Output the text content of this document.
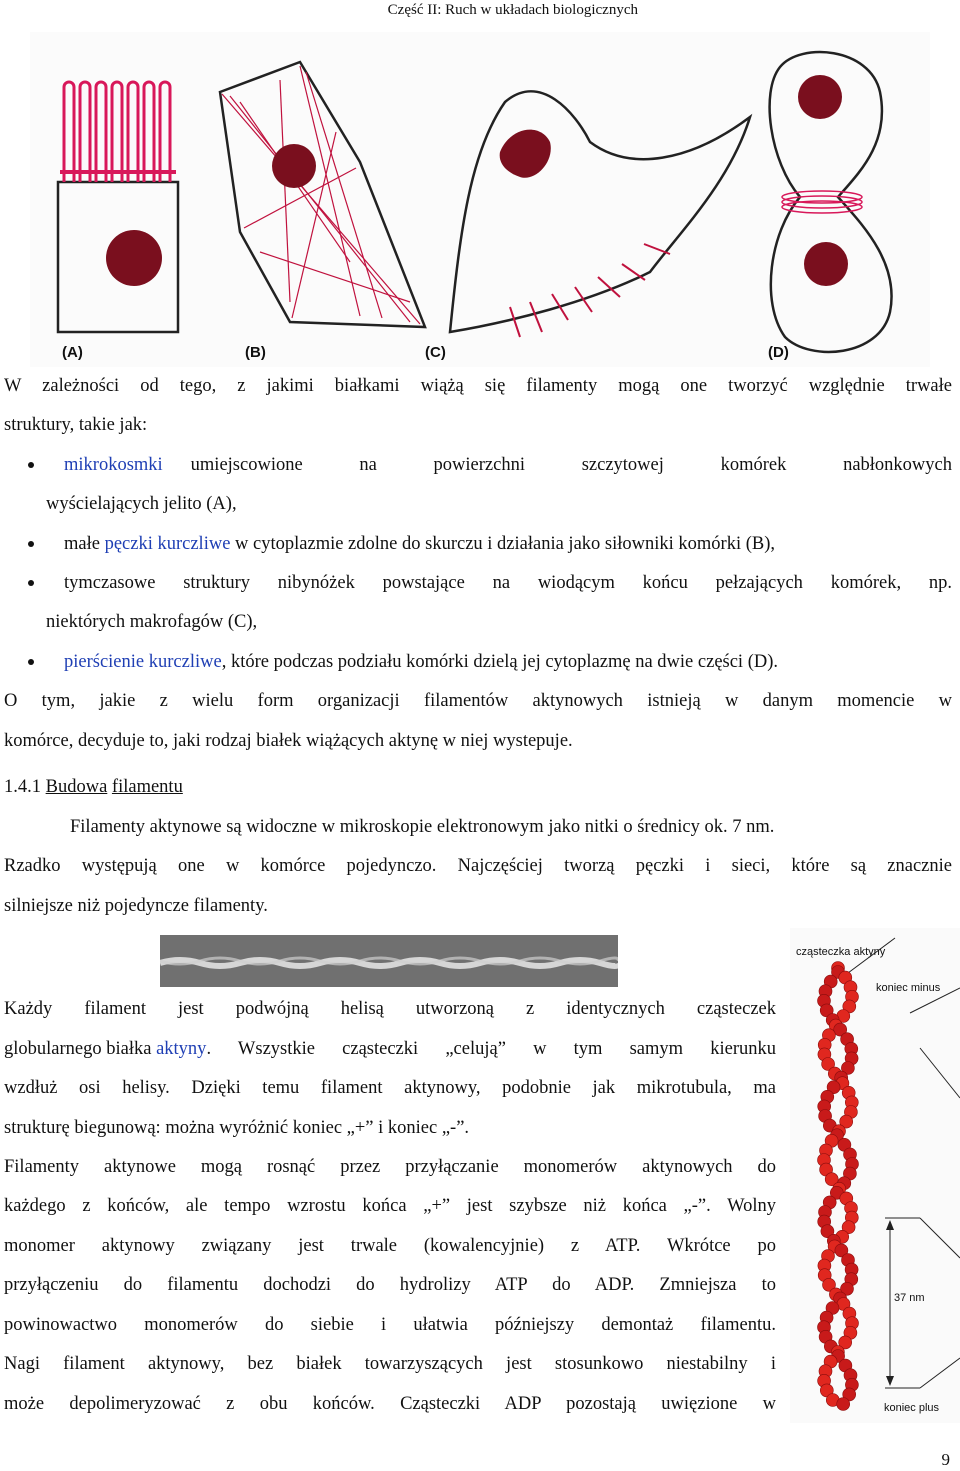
Część II: Ruch w układach biologicznych
(A)	(B)	(C)	(D)
W zależności od tego, z jakimi białkami wiążą się filamenty mogą one tworzyć względnie trwałe
struktury, takie jak:
mikrokosmki umiejscowione na powierzchni szczytowej komórek nabłonkowych
wyścielających jelito (A),
małe pęczki kurczliwe w cytoplazmie zdolne do skurczu i działania jako siłowniki komórki (B),
tymczasowe struktury nibynóżek powstające na wiodącym końcu pełzających komórek, np.
niektórych makrofagów (C),
pierścienie kurczliwe, które podczas podziału komórki dzielą jej cytoplazmę na dwie części (D).
O tym, jakie z wielu form organizacji filamentów aktynowych istnieją w danym momencie w
komórce, decyduje to, jaki rodzaj białek wiążących aktynę w niej wystepuje.
1.4.1 Budowa filamentu
Filamenty aktynowe są widoczne w mikroskopie elektronowym jako nitki o średnicy ok. 7 nm.
Rzadko występują one w komórce pojedynczo. Najczęściej tworzą pęczki i sieci, które są znacznie
silniejsze niż pojedyncze filamenty.
Każdy filament jest podwójną helisą utworzoną z identycznych cząsteczek
globularnego białka aktyny . Wszystkie cząsteczki „celują” w tym samym kierunku
wzdłuż osi helisy. Dzięki temu filament aktynowy, podobnie jak mikrotubula, ma
strukturę biegunową: można wyróżnić koniec „+” i koniec „-”.
Filamenty aktynowe mogą rosnąć przez przyłączanie monomerów aktynowych do
każdego z końców, ale tempo wzrostu końca „+” jest szybsze niż końca „-”. Wolny
monomer aktynowy związany jest trwale (kowalencyjnie) z ATP. Wkrótce po
przyłączeniu do filamentu dochodzi do hydrolizy ATP do ADP. Zmniejsza to
powinowactwo monomerów do siebie i ułatwia późniejszy demontaż filamentu.
Nagi filament aktynowy, bez białek towarzyszących jest stosunkowo niestabilny i
może depolimeryzować z obu końców. Cząsteczki ADP pozostają uwięzione w
cząsteczka aktyny
koniec minus
37 nm
koniec plus
9
